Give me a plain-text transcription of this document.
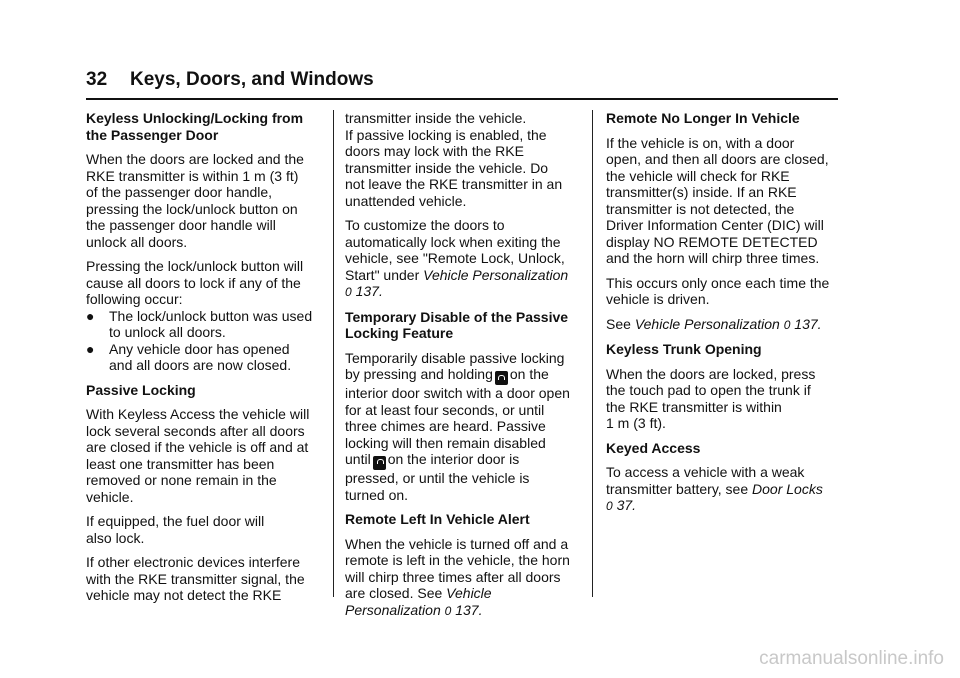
32 Keys, Doors, and Windows
Keyless Unlocking/Locking from
the Passenger Door
When the doors are locked and the
RKE transmitter is within 1 m (3 ft)
of the passenger door handle,
pressing the lock/unlock button on
the passenger door handle will
unlock all doors.
Pressing the lock/unlock button will
cause all doors to lock if any of the
following occur:
●	The lock/unlock button was used
to unlock all doors.
●	Any vehicle door has opened
and all doors are now closed.
Passive Locking
With Keyless Access the vehicle will
lock several seconds after all doors
are closed if the vehicle is off and at
least one transmitter has been
removed or none remain in the
vehicle.
If equipped, the fuel door will
also lock.
If other electronic devices interfere
with the RKE transmitter signal, the
vehicle may not detect the RKE
transmitter inside the vehicle.
If passive locking is enabled, the
doors may lock with the RKE
transmitter inside the vehicle. Do
not leave the RKE transmitter in an
unattended vehicle.
To customize the doors to
automatically lock when exiting the
vehicle, see "Remote Lock, Unlock,
Start" under Vehicle Personalization
0 137.
Temporary Disable of the Passive
Locking Feature
Temporarily disable passive locking
by pressing and holding on the
interior door switch with a door open
for at least four seconds, or until
three chimes are heard. Passive
locking will then remain disabled
until on the interior door is
pressed, or until the vehicle is
turned on.
Remote Left In Vehicle Alert
When the vehicle is turned off and a
remote is left in the vehicle, the horn
will chirp three times after all doors
are closed. See Vehicle
Personalization 0 137.
Remote No Longer In Vehicle
If the vehicle is on, with a door
open, and then all doors are closed,
the vehicle will check for RKE
transmitter(s) inside. If an RKE
transmitter is not detected, the
Driver Information Center (DIC) will
display NO REMOTE DETECTED
and the horn will chirp three times.
This occurs only once each time the
vehicle is driven.
See Vehicle Personalization 0 137.
Keyless Trunk Opening
When the doors are locked, press
the touch pad to open the trunk if
the RKE transmitter is within
1 m (3 ft).
Keyed Access
To access a vehicle with a weak
transmitter battery, see Door Locks
0 37.
carmanualsonline.info
